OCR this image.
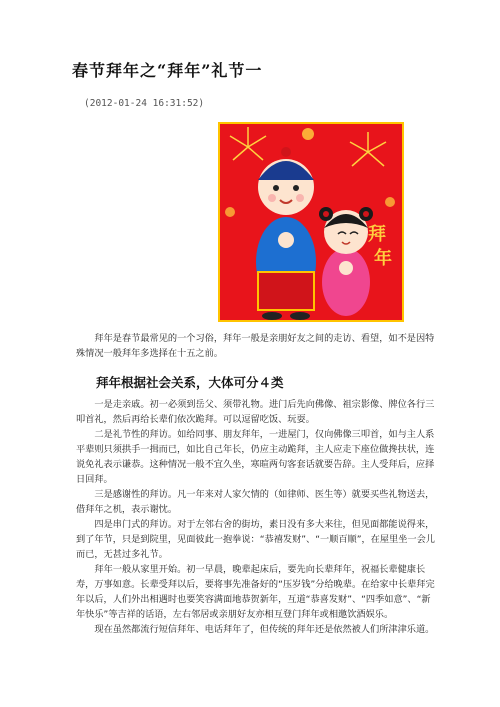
春节拜年之“拜年”礼节一
(2012-01-24 16:31:52)
拜
年
拜年是春节最常见的一个习俗，拜年一般是亲朋好友之间的走访、看望，如不是因特殊情况一般拜年多选择在十五之前。
拜年根据社会关系，大体可分４类

一是走亲戚。初一必须到岳父、须带礼物。进门后先向佛像、祖宗影像、牌位各行三叩首礼，然后再给长辈们依次跪拜。可以逗留吃饭、玩耍。

二是礼节性的拜访。如给同事、朋友拜年，一进屋门，仅向佛像三叩首，如与主人系平辈则只须拱手一揖而已，如比自己年长，仍应主动跪拜，主人应走下座位做搀扶状，连说免礼表示谦恭。这种情况一般不宜久坐，寒暄两句客套话就要告辞。主人受拜后，应择日回拜。

三是感谢性的拜访。凡一年来对人家欠情的（如律师、医生等）就要买些礼物送去，借拜年之机，表示谢忱。

四是串门式的拜访。对于左邻右舍的街坊，素日没有多大来往，但见面都能说得来，到了年节，只是到院里，见面彼此一抱拳说：“恭禧发财”、“一顺百顺”，在屋里坐一会儿而已，无甚过多礼节。

拜年一般从家里开始。初一早晨，晚辈起床后，要先向长辈拜年，祝福长辈健康长寿，万事如意。长辈受拜以后，要将事先准备好的“压岁钱”分给晚辈。在给家中长辈拜完年以后，人们外出相遇时也要笑容满面地恭贺新年，互道“恭喜发财”、“四季如意”、“新年快乐”等吉祥的话语，左右邻居或亲朋好友亦相互登门拜年或相邀饮酒娱乐。

现在虽然都流行短信拜年、电话拜年了，但传统的拜年还是依然被人们所津津乐道。
